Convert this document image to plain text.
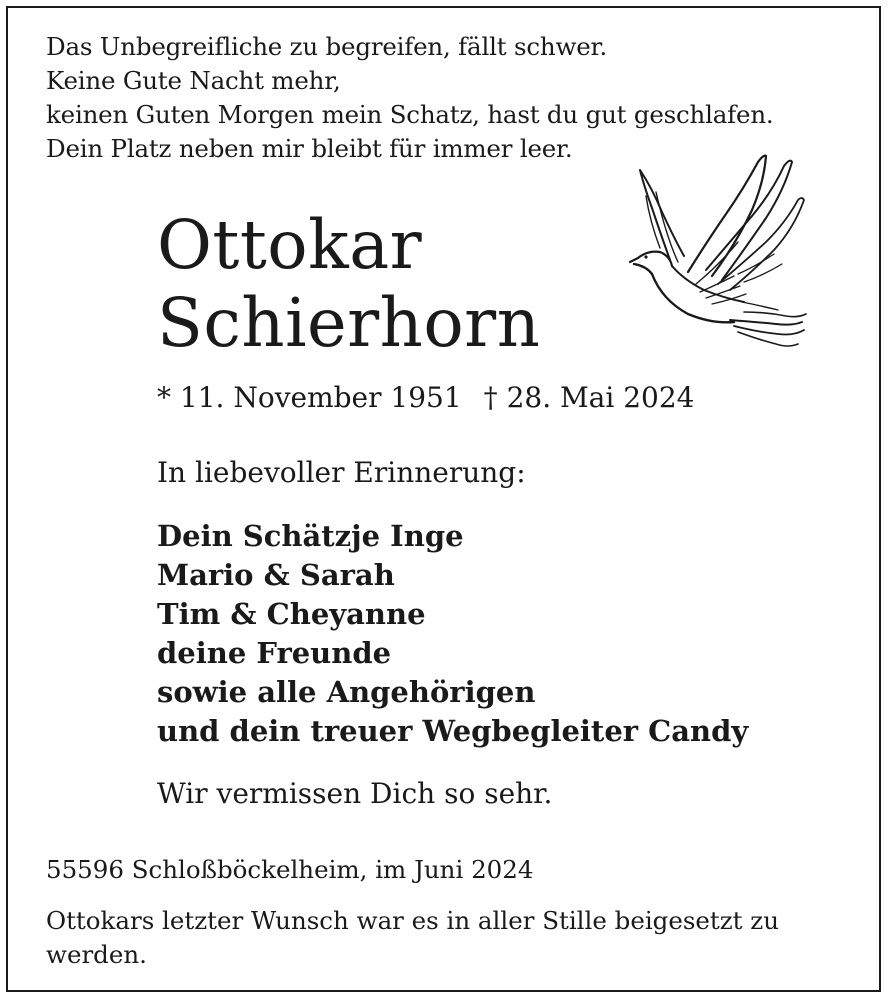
Das Unbegreifliche zu begreifen, fällt schwer.
Keine Gute Nacht mehr,
keinen Guten Morgen mein Schatz, hast du gut geschlafen.
Dein Platz neben mir bleibt für immer leer.
Ottokar
Schierhorn
* 11. November 1951 † 28. Mai 2024
In liebevoller Erinnerung:
Dein Schätzje Inge
Mario & Sarah
Tim & Cheyanne
deine Freunde
sowie alle Angehörigen
und dein treuer Wegbegleiter Candy
Wir vermissen Dich so sehr.
55596 Schloßböckelheim, im Juni 2024
Ottokars letzter Wunsch war es in aller Stille beigesetzt zu werden.
